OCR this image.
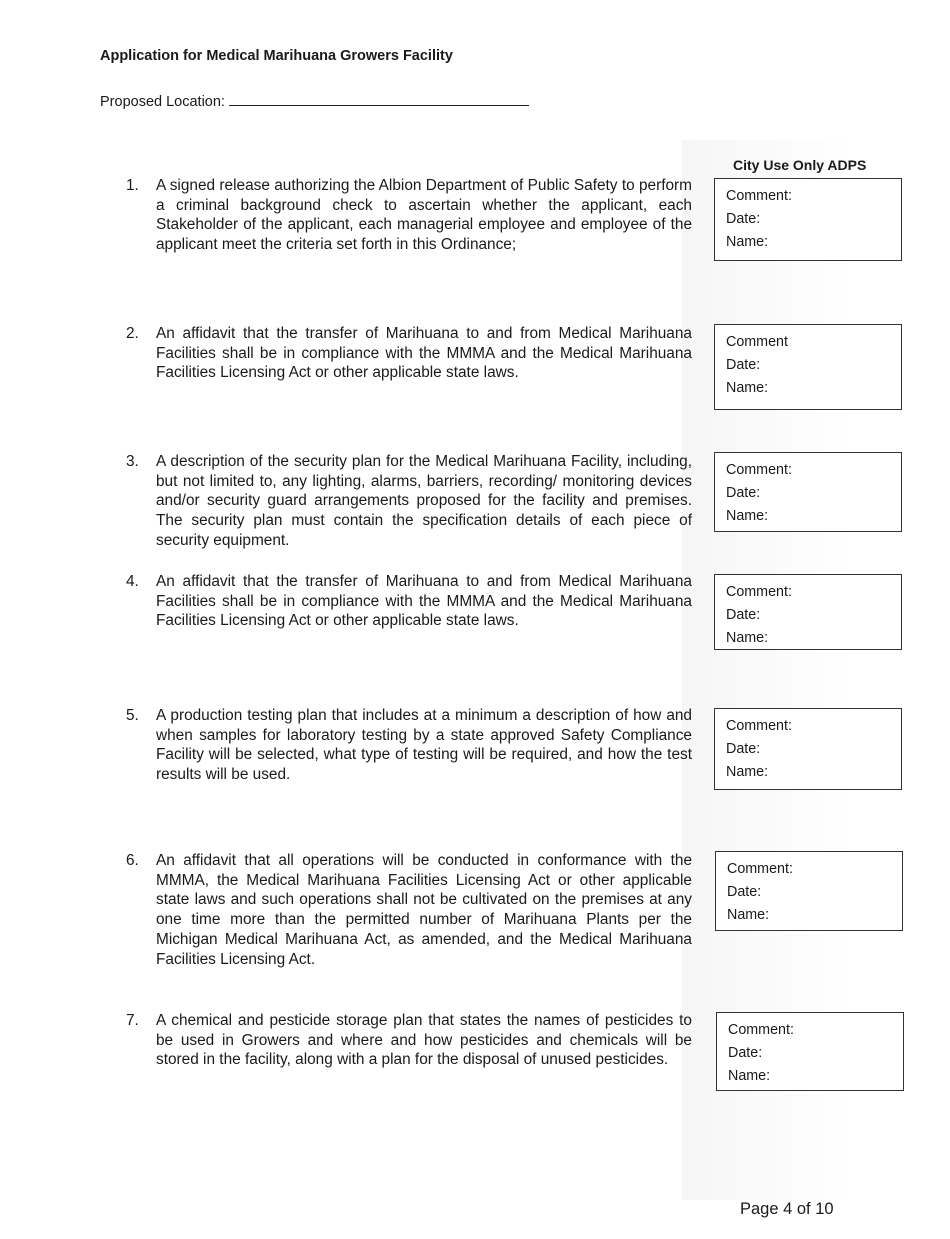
Application for Medical Marihuana Growers Facility
Proposed Location:
City Use Only ADPS
1.	A signed release authorizing the Albion Department of Public Safety to perform a criminal background check to ascertain whether the applicant, each Stakeholder of the applicant, each managerial employee and employee of the applicant meet the criteria set forth in this Ordinance;
Comment:
Date:
Name:
2.	An affidavit that the transfer of Marihuana to and from Medical Marihuana Facilities shall be in compliance with the MMMA and the Medical Marihuana Facilities Licensing Act or other applicable state laws.
Comment
Date:
Name:
3.	A description of the security plan for the Medical Marihuana Facility, including, but not limited to, any lighting, alarms, barriers, recording/ monitoring devices and/or security guard arrangements proposed for the facility and premises. The security plan must contain the specification details of each piece of security equipment.
Comment:
Date:
Name:
4.	An affidavit that the transfer of Marihuana to and from Medical Marihuana Facilities shall be in compliance with the MMMA and the Medical Marihuana Facilities Licensing Act or other applicable state laws.
Comment:
Date:
Name:
5.	A production testing plan that includes at a minimum a description of how and when samples for laboratory testing by a state approved Safety Compliance Facility will be selected, what type of testing will be required, and how the test results will be used.
Comment:
Date:
Name:
6.	An affidavit that all operations will be conducted in conformance with the MMMA, the Medical Marihuana Facilities Licensing Act or other applicable state laws and such operations shall not be cultivated on the premises at any one time more than the permitted number of Marihuana Plants per the Michigan Medical Marihuana Act, as amended, and the Medical Marihuana Facilities Licensing Act.
Comment:
Date:
Name:
7.	A chemical and pesticide storage plan that states the names of pesticides to be used in Growers and where and how pesticides and chemicals will be stored in the facility, along with a plan for the disposal of unused pesticides.
Comment:
Date:
Name:
Page 4 of 10
